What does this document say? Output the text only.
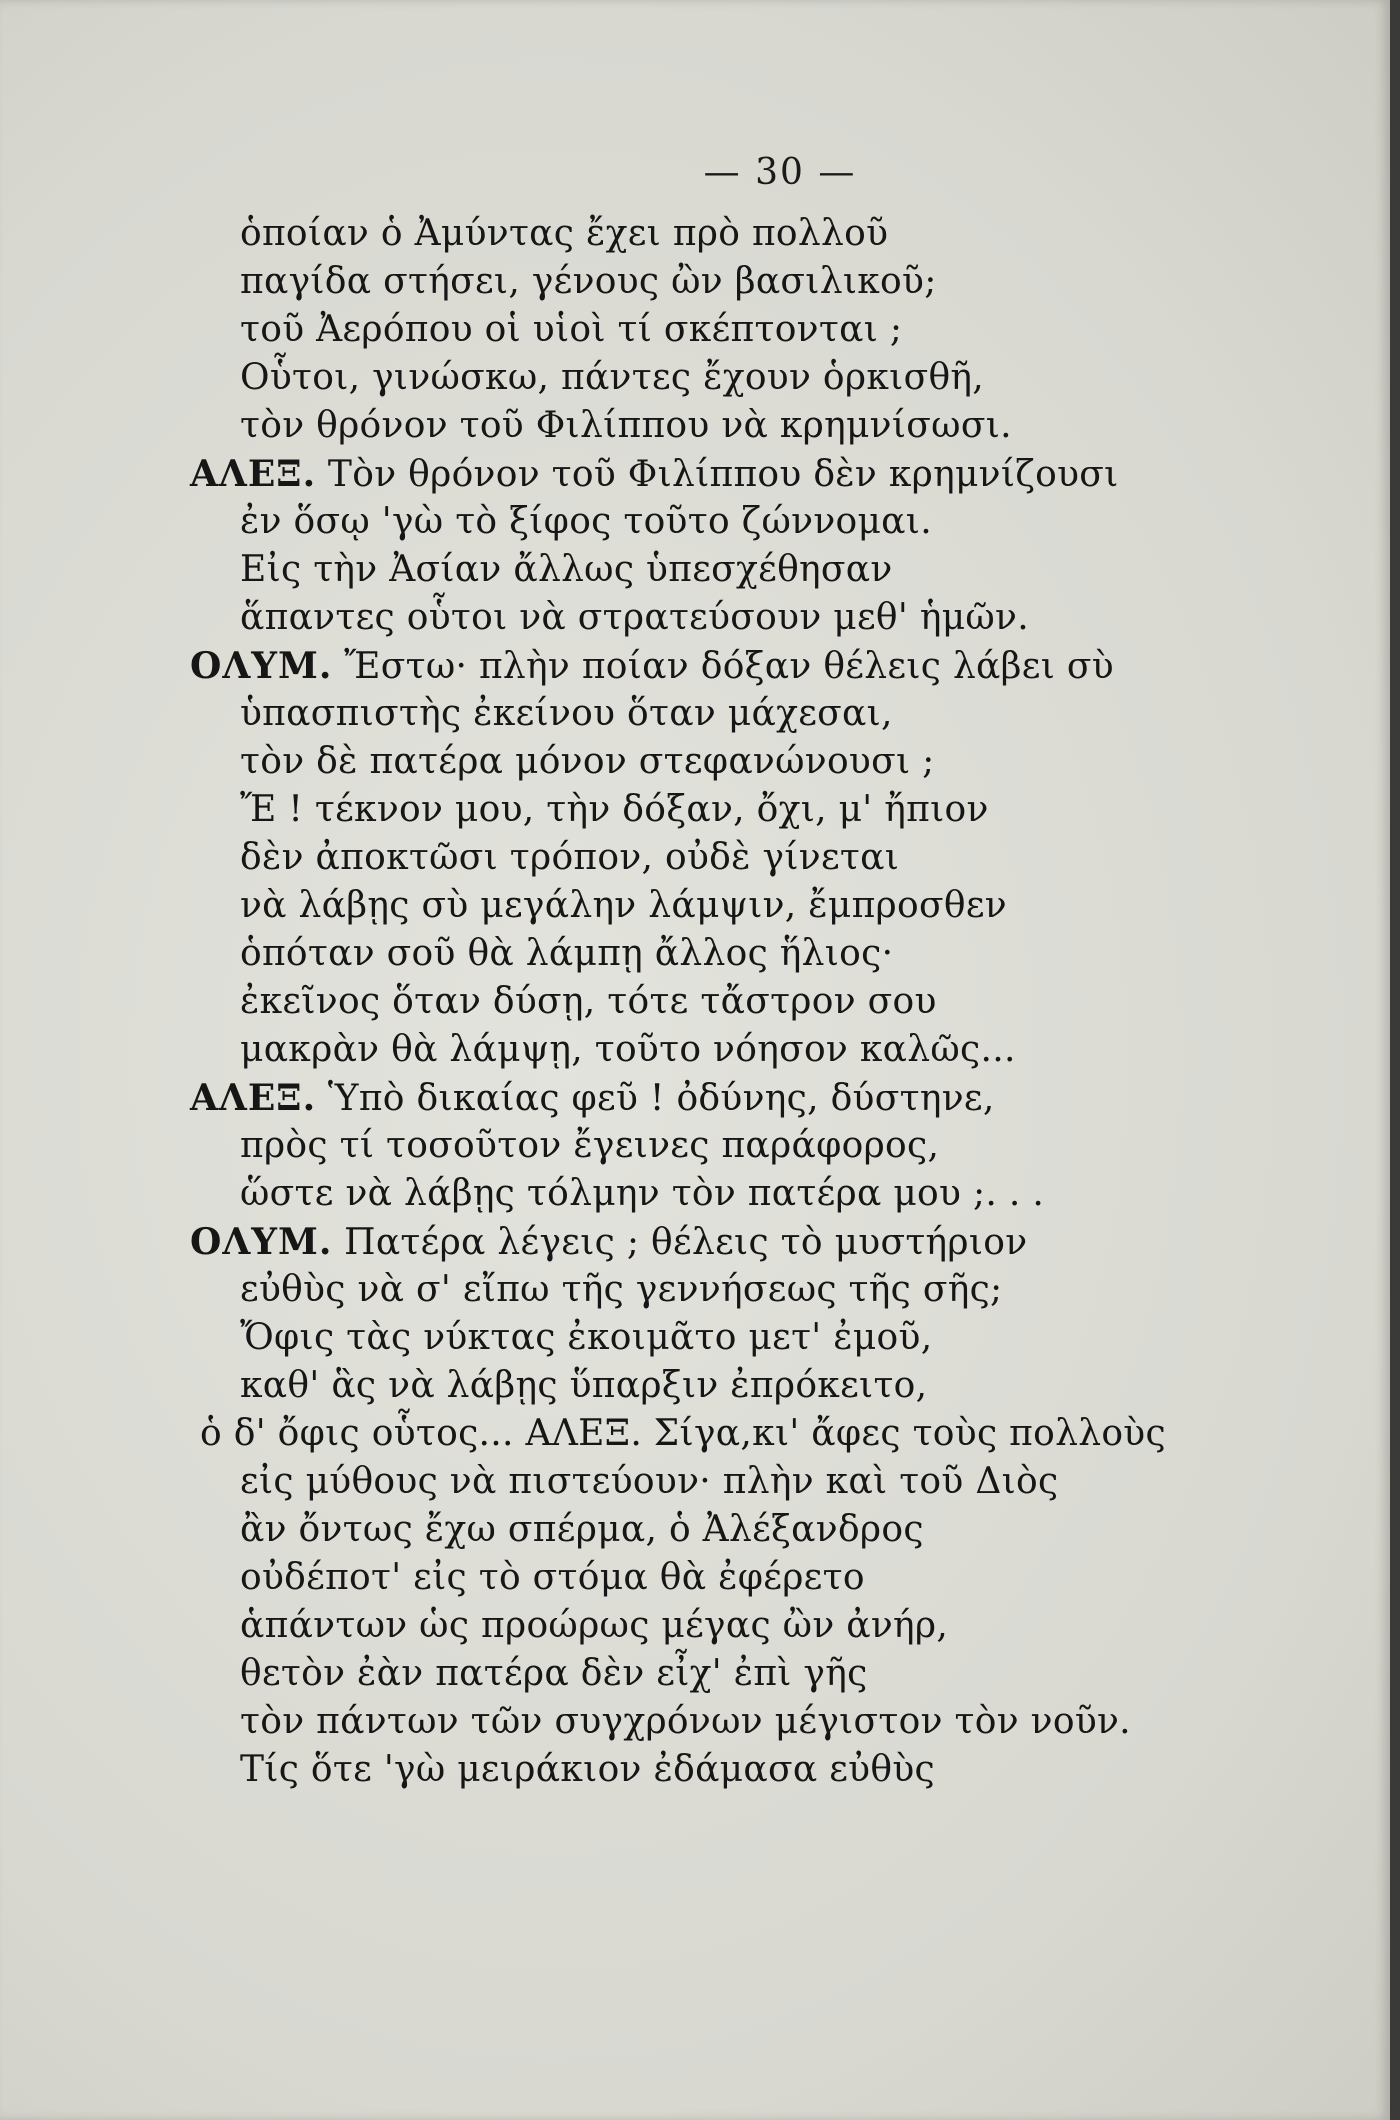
— 30 —
ὁποίαν ὁ Ἀμύντας ἔχει πρὸ πολλοῦ
παγίδα στήσει, γένους ὢν βασιλικοῦ;
τοῦ Ἀερόπου οἱ υἱοὶ τί σκέπτονται ;
Οὗτοι, γινώσκω, πάντες ἔχουν ὁρκισθῆ,
τὸν θρόνον τοῦ Φιλίππου νὰ κρημνίσωσι.
ΑΛΕΞ. Τὸν θρόνον τοῦ Φιλίππου δὲν κρημνίζουσι
ἐν ὅσῳ 'γὼ τὸ ξίφος τοῦτο ζώννομαι.
Εἰς τὴν Ἀσίαν ἄλλως ὑπεσχέθησαν
ἅπαντες οὗτοι νὰ στρατεύσουν μεθ' ἡμῶν.
ΟΛΥΜ. Ἔστω· πλὴν ποίαν δόξαν θέλεις λάβει σὺ
ὑπασπιστὴς ἐκείνου ὅταν μάχεσαι,
τὸν δὲ πατέρα μόνον στεφανώνουσι ;
Ἔ ! τέκνον μου, τὴν δόξαν, ὄχι, μ' ἤπιον
δὲν ἀποκτῶσι τρόπον, οὐδὲ γίνεται
νὰ λάβῃς σὺ μεγάλην λάμψιν, ἔμπροσθεν
ὁπόταν σοῦ θὰ λάμπῃ ἄλλος ἥλιος·
ἐκεῖνος ὅταν δύσῃ, τότε τἄστρον σου
μακρὰν θὰ λάμψῃ, τοῦτο νόησον καλῶς...
ΑΛΕΞ. Ὑπὸ δικαίας φεῦ ! ὀδύνης, δύστηνε,
πρὸς τί τοσοῦτον ἔγεινες παράφορος,
ὥστε νὰ λάβῃς τόλμην τὸν πατέρα μου ;. . .
ΟΛΥΜ. Πατέρα λέγεις ; θέλεις τὸ μυστήριον
εὐθὺς νὰ σ' εἴπω τῆς γεννήσεως τῆς σῆς;
Ὄφις τὰς νύκτας ἐκοιμᾶτο μετ' ἐμοῦ,
καθ' ἃς νὰ λάβῃς ὕπαρξιν ἐπρόκειτο,
ὁ δ' ὄφις οὗτος... ΑΛΕΞ. Σίγα,κι' ἄφες τοὺς πολλοὺς
εἰς μύθους νὰ πιστεύουν· πλὴν καὶ τοῦ Διὸς
ἂν ὄντως ἔχω σπέρμα, ὁ Ἀλέξανδρος
οὐδέποτ' εἰς τὸ στόμα θὰ ἐφέρετο
ἁπάντων ὡς προώρως μέγας ὢν ἀνήρ,
θετὸν ἐὰν πατέρα δὲν εἶχ' ἐπὶ γῆς
τὸν πάντων τῶν συγχρόνων μέγιστον τὸν νοῦν.
Τίς ὅτε 'γὼ μειράκιον ἐδάμασα εὐθὺς
